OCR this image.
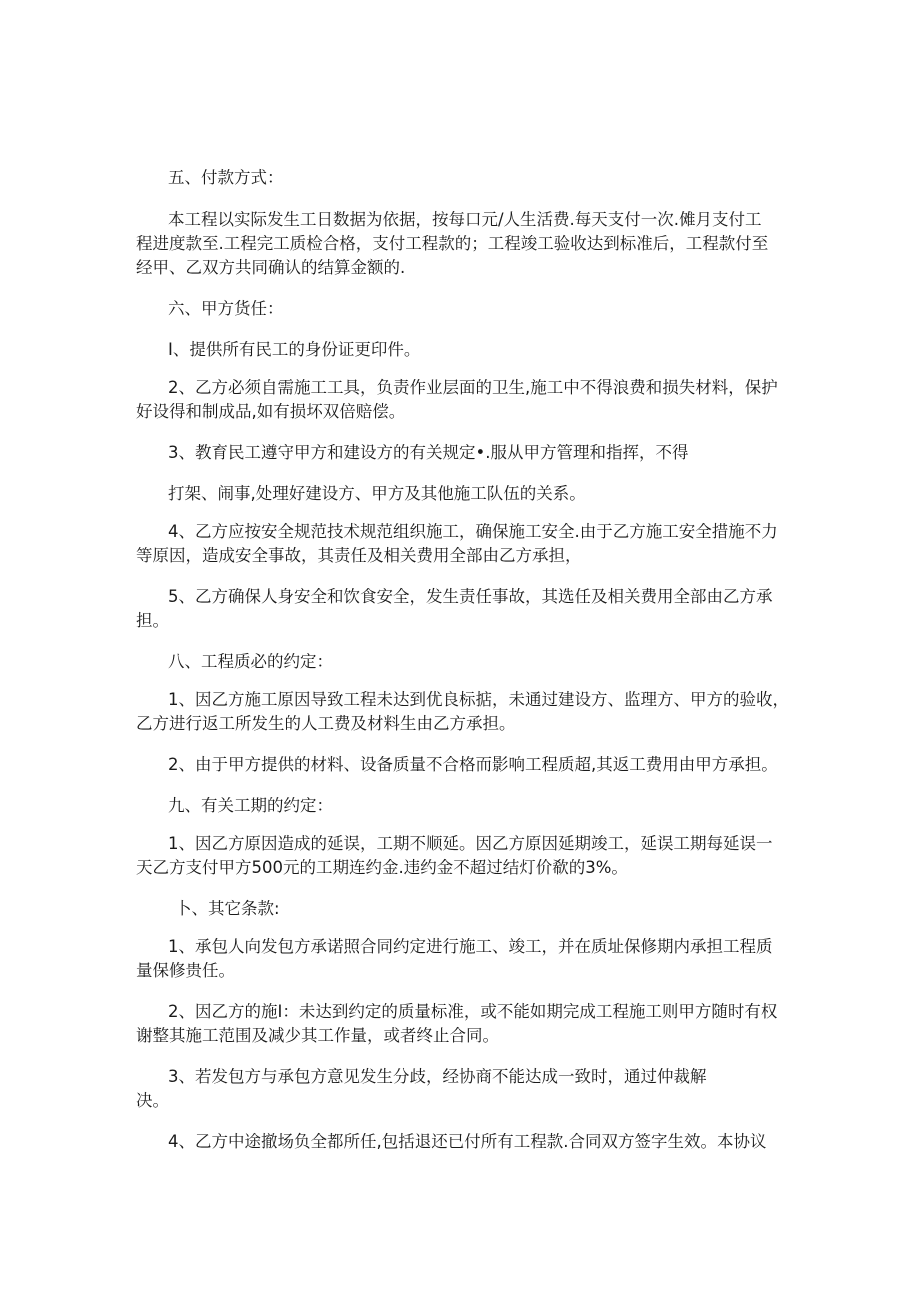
五、付款方式：

本工程以实际发生工日数据为依据，按每口元/人生活费.每天支付一次.傩月支付工

程进度款至.工程完工质检合格，支付工程款的；工程竣工验收达到标准后，工程款付至

经甲、乙双方共同确认的结算金额的.

六、甲方货任：

I、提供所有民工的身份证更印件。

2、乙方必须自需施工工具，负责作业层面的卫生,施工中不得浪费和损失材料，保护

好设得和制成品,如有损坏双倍赔偿。

3、教育民工遵守甲方和建设方的有关规定•.服从甲方管理和指挥，不得

打架、闹事,处理好建设方、甲方及其他施工队伍的关系。

4、乙方应按安全规范技术规范组织施工，确保施工安全.由于乙方施工安全措施不力

等原因，造成安全事故，其责任及相关费用全部由乙方承担，

5、乙方确保人身安全和饮食安全，发生责任事故，其选任及相关费用全部由乙方承

担。

八、工程质必的约定：

1、因乙方施工原因导致工程未达到优良标掂，未通过建设方、监理方、甲方的验收，

乙方进行返工所发生的人工费及材料生由乙方承担。

2、由于甲方提供的材料、设备质量不合格而影响工程质超,其返工费用由甲方承担。

九、有关工期的约定：

1、因乙方原因造成的延误，工期不顺延。因乙方原因延期竣工，延误工期每延误一

天乙方支付甲方500元的工期连约金.违约金不超过结灯价欷的3%。

卜、其它条款:

1、承包人向发包方承诺照合同约定进行施工、竣工，并在质址保修期内承担工程质

量保修贵任。

2、因乙方的施I：未达到约定的质量标准，或不能如期完成工程施工则甲方随时有权

谢整其施工范围及减少其工作量，或者终止合同。

3、若发包方与承包方意见发生分歧，经协商不能达成一致时，通过仲裁解

决。

4、乙方中途撤场负全都所任,包括退还已付所有工程款.合同双方签字生效。本协议
